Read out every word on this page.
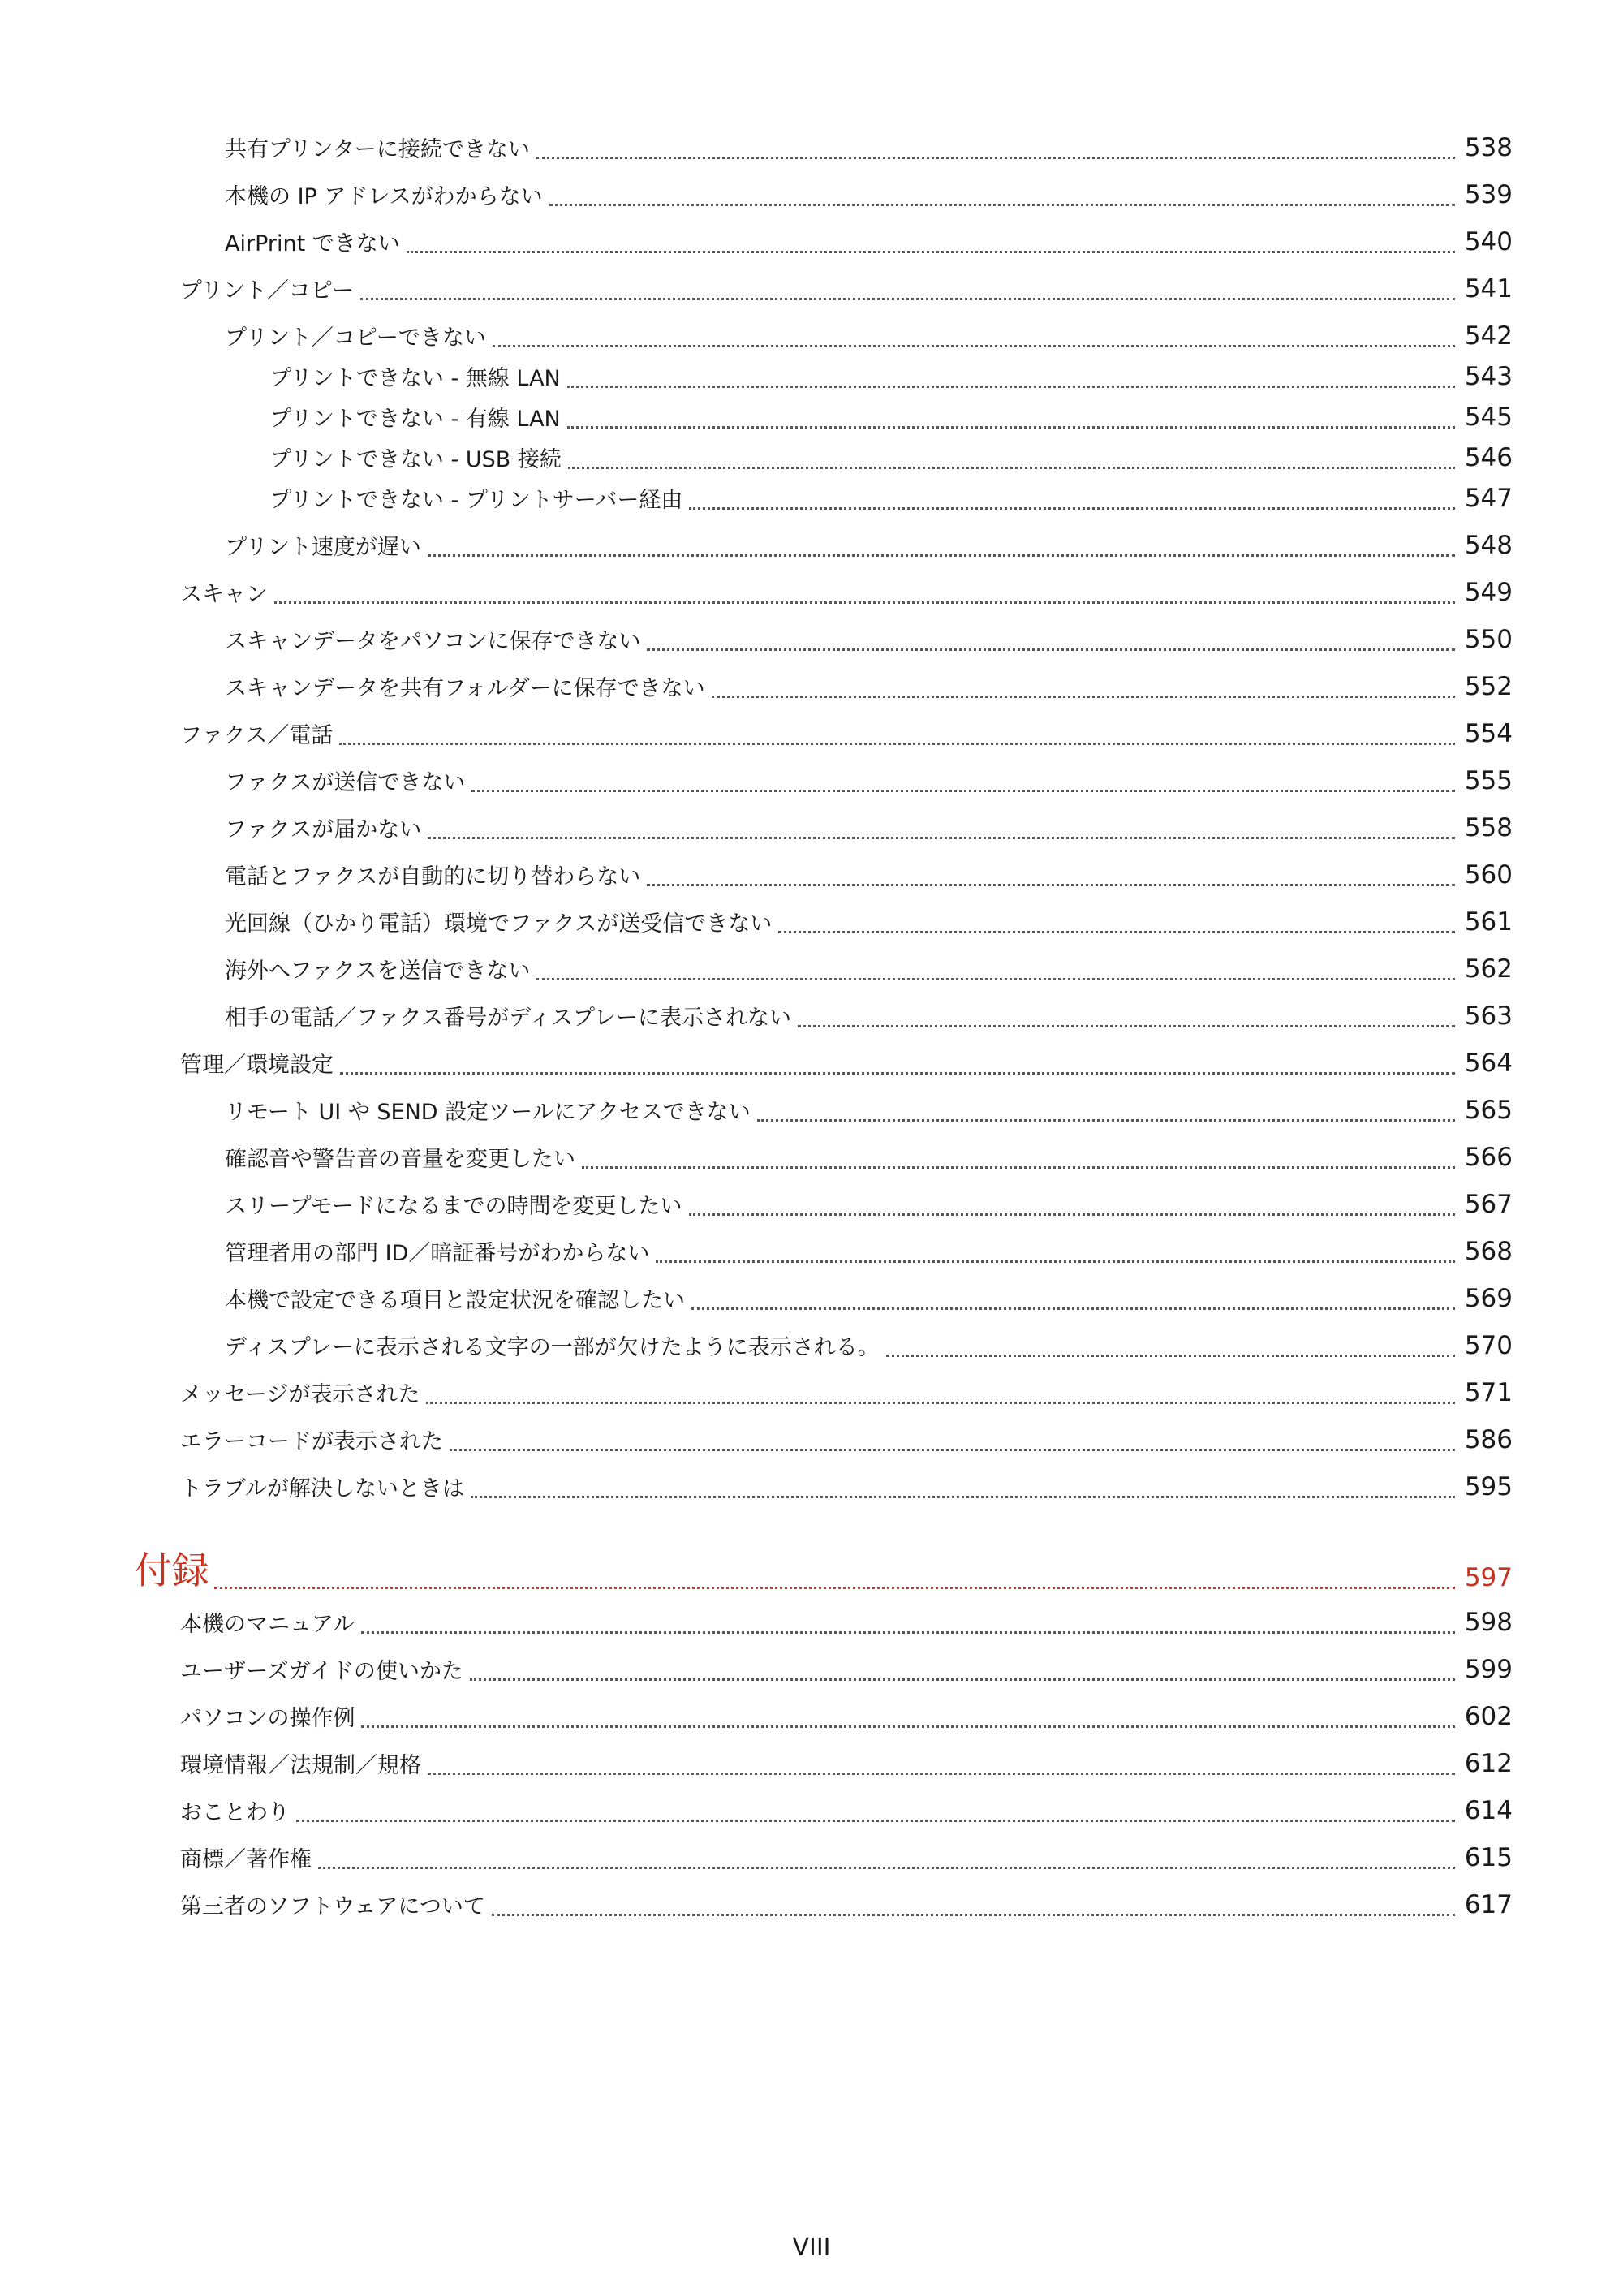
共有プリンターに接続できない	538
本機の IP アドレスがわからない	539
AirPrint できない	540
プリント／コピー	541
プリント／コピーできない	542
プリントできない - 無線 LAN	543
プリントできない - 有線 LAN	545
プリントできない - USB 接続	546
プリントできない - プリントサーバー経由	547
プリント速度が遅い	548
スキャン	549
スキャンデータをパソコンに保存できない	550
スキャンデータを共有フォルダーに保存できない	552
ファクス／電話	554
ファクスが送信できない	555
ファクスが届かない	558
電話とファクスが自動的に切り替わらない	560
光回線（ひかり電話）環境でファクスが送受信できない	561
海外へファクスを送信できない	562
相手の電話／ファクス番号がディスプレーに表示されない	563
管理／環境設定	564
リモート UI や SEND 設定ツールにアクセスできない	565
確認音や警告音の音量を変更したい	566
スリープモードになるまでの時間を変更したい	567
管理者用の部門 ID／暗証番号がわからない	568
本機で設定できる項目と設定状況を確認したい	569
ディスプレーに表示される文字の一部が欠けたように表示される。	570
メッセージが表示された	571
エラーコードが表示された	586
トラブルが解決しないときは	595
付録	597
本機のマニュアル	598
ユーザーズガイドの使いかた	599
パソコンの操作例	602
環境情報／法規制／規格	612
おことわり	614
商標／著作権	615
第三者のソフトウェアについて	617
VIII
